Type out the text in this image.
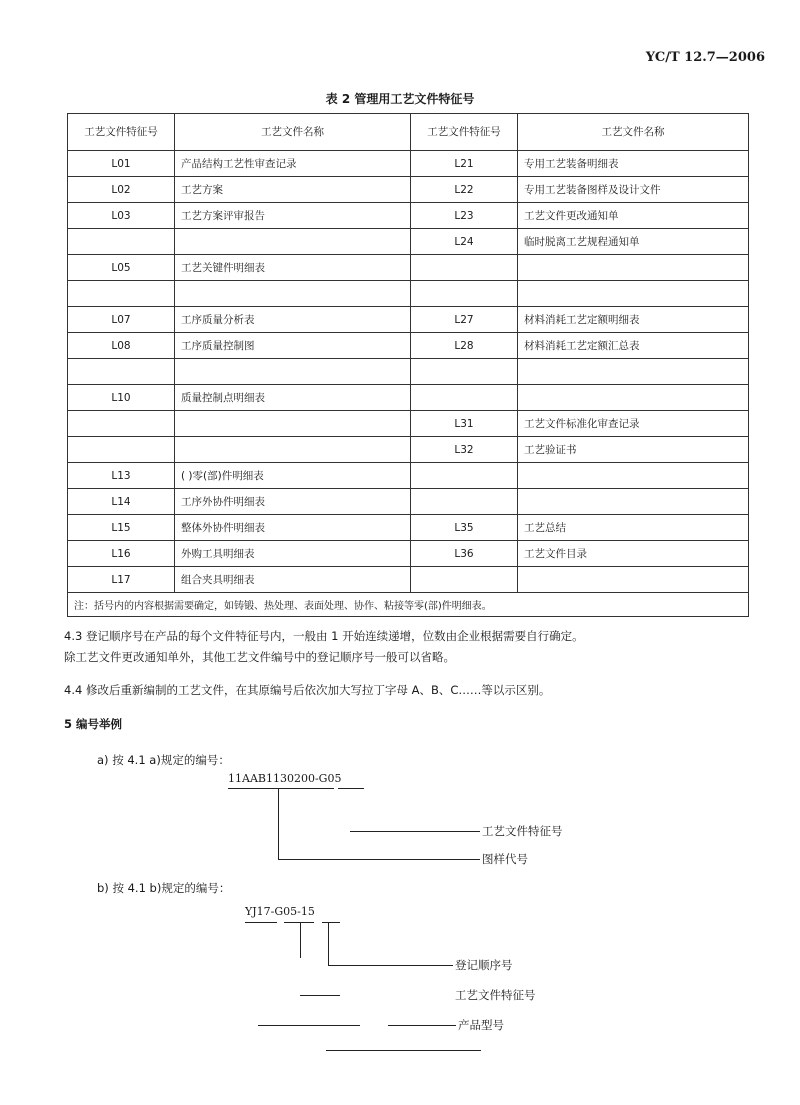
YC/T 12.7—2006
表 2 管理用工艺文件特征号
工艺文件特征号	工艺文件名称	工艺文件特征号	工艺文件名称
L01	产品结构工艺性审查记录	L21	专用工艺装备明细表
L02	工艺方案	L22	专用工艺装备图样及设计文件
L03	工艺方案评审报告	L23	工艺文件更改通知单
		L24	临时脱离工艺规程通知单
L05	工艺关键件明细表		

L07	工序质量分析表	L27	材料消耗工艺定额明细表
L08	工序质量控制图	L28	材料消耗工艺定额汇总表

L10	质量控制点明细表		
		L31	工艺文件标准化审查记录
		L32	工艺验证书
L13	( )零(部)件明细表		
L14	工序外协件明细表		
L15	整体外协件明细表	L35	工艺总结
L16	外购工具明细表	L36	工艺文件目录
L17	组合夹具明细表		
注：括号内的内容根据需要确定，如铸锻、热处理、表面处理、协作、粘接等零(部)件明细表。			
4.3 登记顺序号在产品的每个文件特征号内，一般由 1 开始连续递增，位数由企业根据需要自行确定。
除工艺文件更改通知单外，其他工艺文件编号中的登记顺序号一般可以省略。
4.4 修改后重新编制的工艺文件，在其原编号后依次加大写拉丁字母 A、B、C……等以示区别。
5 编号举例
a) 按 4.1 a)规定的编号：
11AAB1130200-G05
工艺文件特征号
图样代号
b) 按 4.1 b)规定的编号：
YJ17-G05-15
登记顺序号
工艺文件特征号
产品型号
